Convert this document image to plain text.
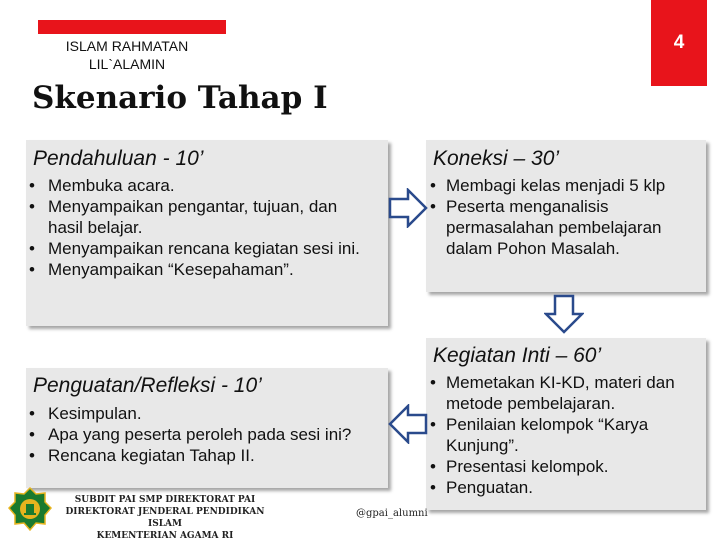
ISLAM RAHMATAN
LIL`ALAMIN
4
Skenario Tahap I
Pendahuluan - 10’
• Membuka acara.
• Menyampaikan pengantar, tujuan, dan hasil belajar.
• Menyampaikan rencana kegiatan sesi ini.
• Menyampaikan “Kesepahaman”.
Koneksi – 30’
• Membagi kelas menjadi 5 klp
• Peserta menganalisis permasalahan pembelajaran dalam Pohon Masalah.
Kegiatan Inti – 60’
• Memetakan KI-KD, materi dan metode pembelajaran.
• Penilaian kelompok “Karya Kunjung”.
• Presentasi kelompok.
• Penguatan.
Penguatan/Refleksi - 10’
• Kesimpulan.
• Apa yang peserta peroleh pada sesi ini?
• Rencana kegiatan Tahap II.
SUBDIT PAI SMP DIREKTORAT PAI
DIREKTORAT JENDERAL PENDIDIKAN ISLAM
KEMENTERIAN AGAMA RI
@gpai_alumni
